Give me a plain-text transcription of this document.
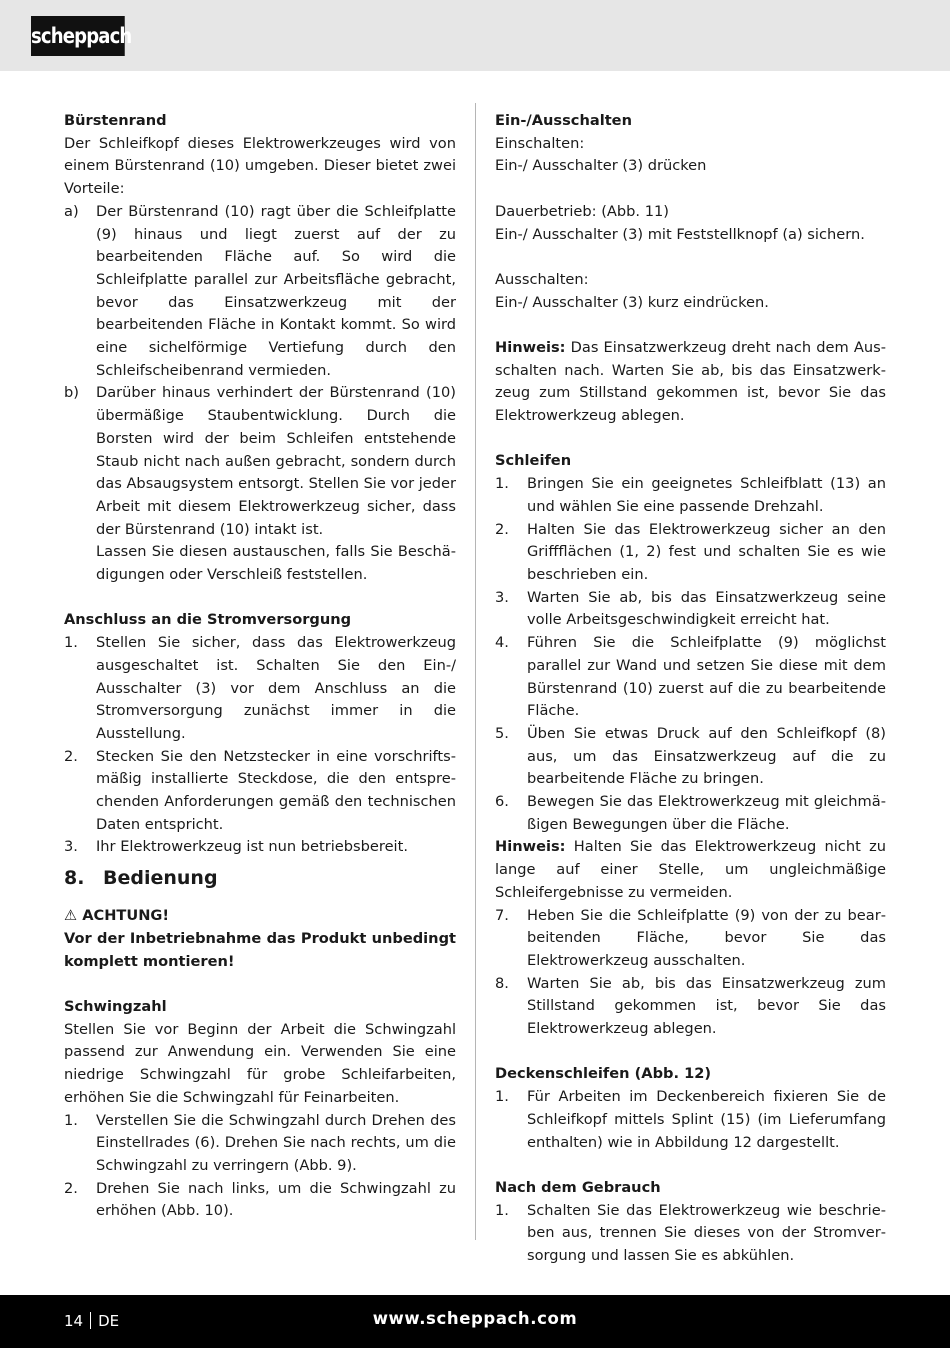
scheppach

Bürstenrand

Der Schleifkopf dieses Elektrowerkzeuges wird von einem Bürstenrand (10) umgeben. Dieser bietet zwei Vorteile:

a)	Der Bürstenrand (10) ragt über die Schleifplatte (9) hinaus und liegt zuerst auf der zu bearbeitenden Fläche auf. So wird die Schleifplatte parallel zur Arbeitsfläche gebracht, bevor das Einsatzwerkzeug mit der bearbeitenden Fläche in Kontakt kommt. So wird eine sichelförmige Vertiefung durch den Schleifscheibenrand vermieden.
b)	Darüber hinaus verhindert der Bürstenrand (10) übermäßige Staubentwicklung. Durch die Borsten wird der beim Schleifen entstehende Staub nicht nach außen gebracht, sondern durch das Absaugsystem entsorgt. Stellen Sie vor jeder Arbeit mit diesem Elektrowerkzeug sicher, dass der Bürstenrand (10) intakt ist.

Lassen Sie diesen austauschen, falls Sie Beschädigungen oder Verschleiß feststellen.

Anschluss an die Stromversorgung

1.	Stellen Sie sicher, dass das Elektrowerkzeug ausgeschaltet ist. Schalten Sie den Ein-/ Ausschalter (3) vor dem Anschluss an die Stromversorgung zunächst immer in die Ausstellung.
2.	Stecken Sie den Netzstecker in eine vorschriftsmäßig installierte Steckdose, die den entsprechenden Anforderungen gemäß den technischen Daten entspricht.
3.	Ihr Elektrowerkzeug ist nun betriebsbereit.
8. Bedienung

⚠ ACHTUNG!

Vor der Inbetriebnahme das Produkt unbedingt komplett montieren!

Schwingzahl

Stellen Sie vor Beginn der Arbeit die Schwingzahl passend zur Anwendung ein. Verwenden Sie eine niedrige Schwingzahl für grobe Schleifarbeiten, erhöhen Sie die Schwingzahl für Feinarbeiten.

1.	Verstellen Sie die Schwingzahl durch Drehen des Einstellrades (6). Drehen Sie nach rechts, um die Schwingzahl zu verringern (Abb. 9).
2.	Drehen Sie nach links, um die Schwingzahl zu erhöhen (Abb. 10).

Ein-/Ausschalten

Einschalten:

Ein-/ Ausschalter (3) drücken

Dauerbetrieb: (Abb. 11)

Ein-/ Ausschalter (3) mit Feststellknopf (a) sichern.

Ausschalten:

Ein-/ Ausschalter (3) kurz eindrücken.

Hinweis: Das Einsatzwerkzeug dreht nach dem Ausschalten nach. Warten Sie ab, bis das Einsatzwerkzeug zum Stillstand gekommen ist, bevor Sie das Elektrowerkzeug ablegen.

Schleifen

1.	Bringen Sie ein geeignetes Schleifblatt (13) an und wählen Sie eine passende Drehzahl.
2.	Halten Sie das Elektrowerkzeug sicher an den Griffflächen (1, 2) fest und schalten Sie es wie beschrieben ein.
3.	Warten Sie ab, bis das Einsatzwerkzeug seine volle Arbeitsgeschwindigkeit erreicht hat.
4.	Führen Sie die Schleifplatte (9) möglichst parallel zur Wand und setzen Sie diese mit dem Bürstenrand (10) zuerst auf die zu bearbeitende Fläche.
5.	Üben Sie etwas Druck auf den Schleifkopf (8) aus, um das Einsatzwerkzeug auf die zu bearbeitende Fläche zu bringen.
6.	Bewegen Sie das Elektrowerkzeug mit gleichmäßigen Bewegungen über die Fläche.

Hinweis: Halten Sie das Elektrowerkzeug nicht zu lange auf einer Stelle, um ungleichmäßige Schleifergebnisse zu vermeiden.

7.	Heben Sie die Schleifplatte (9) von der zu bearbeitenden Fläche, bevor Sie das Elektrowerkzeug ausschalten.
8.	Warten Sie ab, bis das Einsatzwerkzeug zum Stillstand gekommen ist, bevor Sie das Elektrowerkzeug ablegen.

Deckenschleifen (Abb. 12)

1.	Für Arbeiten im Deckenbereich fixieren Sie de Schleifkopf mittels Splint (15) (im Lieferumfang enthalten) wie in Abbildung 12 dargestellt.

Nach dem Gebrauch

1.	Schalten Sie das Elektrowerkzeug wie beschrieben aus, trennen Sie dieses von der Stromversorgung und lassen Sie es abkühlen.
14 DE	www.scheppach.com
